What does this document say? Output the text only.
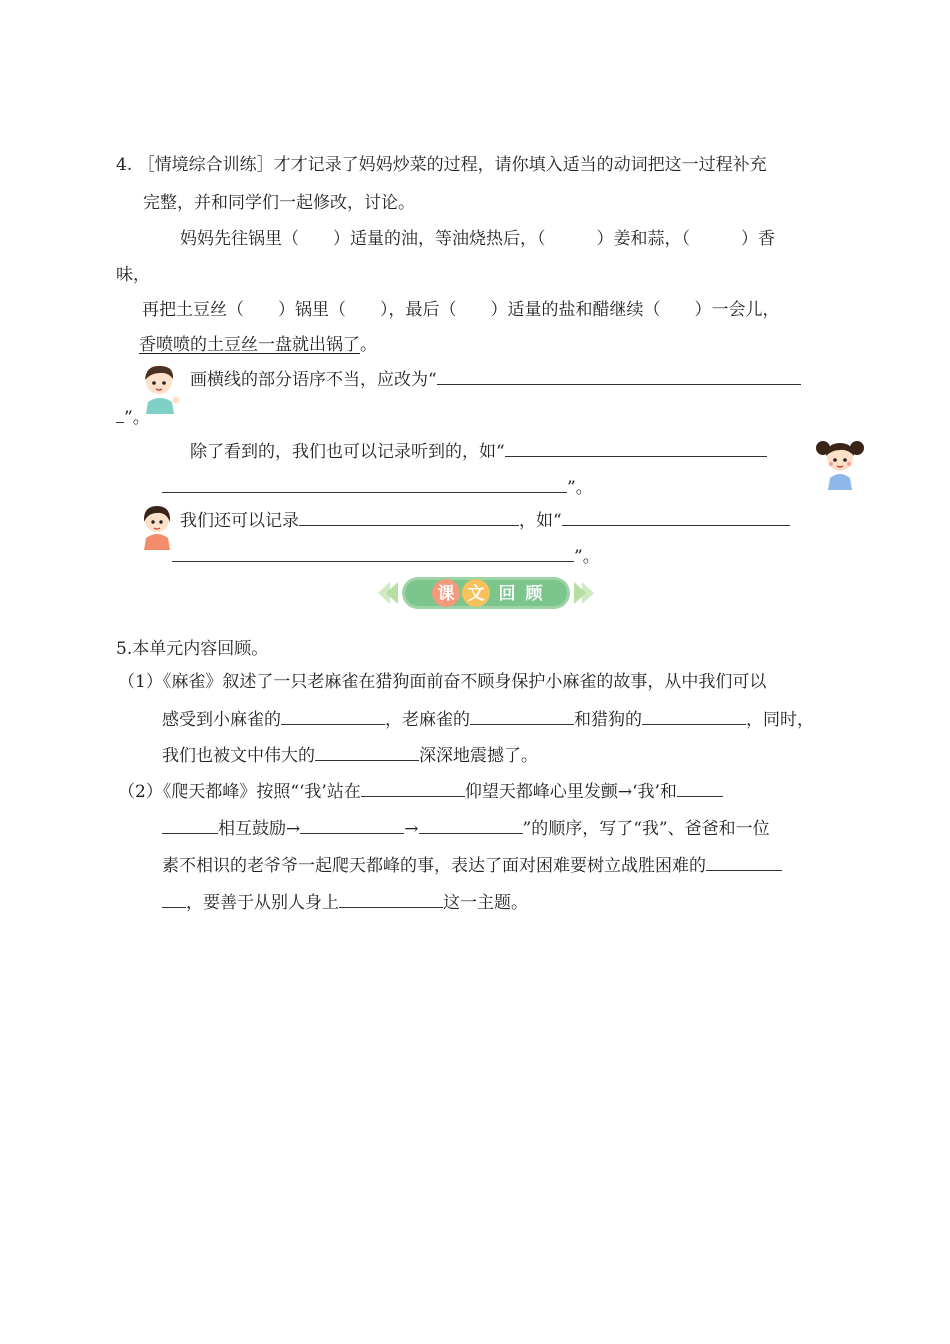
4. ［情境综合训练］才才记录了妈妈炒菜的过程，请你填入适当的动词把这一过程补充
完整，并和同学们一起修改，讨论。
妈妈先往锅里（　　）适量的油，等油烧热后，（　　　）姜和蒜，（　　　）香
味，
再把土豆丝（　　）锅里（　　），最后（　　）适量的盐和醋继续（　　）一会儿，
香喷喷的土豆丝一盘就出锅了。
画横线的部分语序不当，应改为“
”。
除了看到的，我们也可以记录听到的，如“
”。
我们还可以记录	，如“
”。
课 文 回 顾
5.本单元内容回顾。
（1）《麻雀》叙述了一只老麻雀在猎狗面前奋不顾身保护小麻雀的故事，从中我们可以
感受到小麻雀的	，老麻雀的	和猎狗的	，同时，
我们也被文中伟大的	深深地震撼了。
（2）《爬天都峰》按照“‘我’站在	仰望天都峰心里发颤→‘我’和
相互鼓励→	→	”的顺序，写了“我”、爸爸和一位
素不相识的老爷爷一起爬天都峰的事，表达了面对困难要树立战胜困难的
，要善于从别人身上	这一主题。
